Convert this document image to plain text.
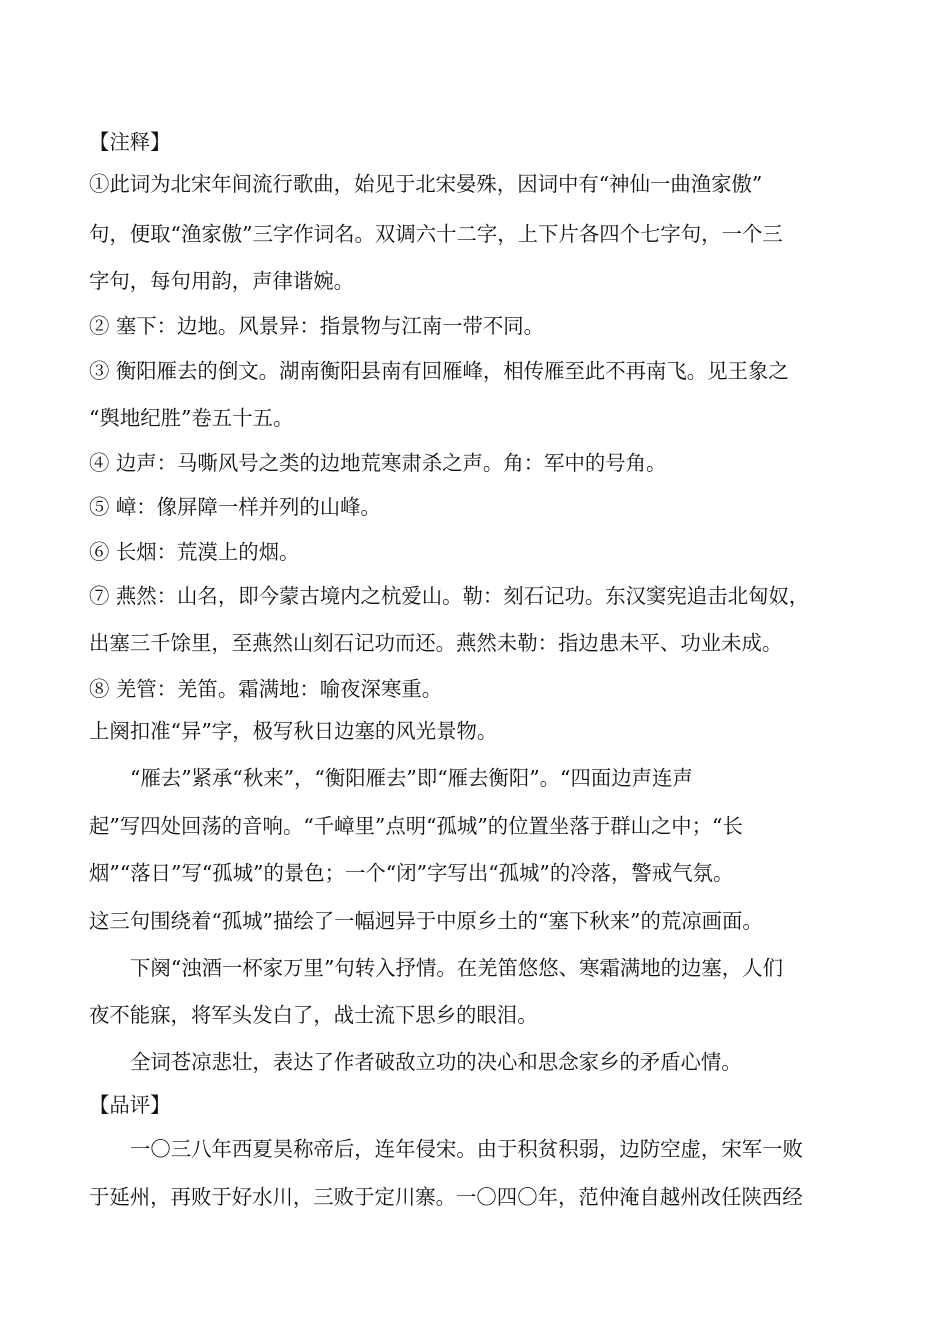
【注释】
①此词为北宋年间流行歌曲，始见于北宋晏殊，因词中有“神仙一曲渔家傲”
句，便取“渔家傲”三字作词名。双调六十二字，上下片各四个七字句，一个三
字句，每句用韵，声律谐婉。
② 塞下：边地。风景异：指景物与江南一带不同。
③ 衡阳雁去的倒文。湖南衡阳县南有回雁峰，相传雁至此不再南飞。见王象之
“舆地纪胜”卷五十五。
④ 边声：马嘶风号之类的边地荒寒肃杀之声。角：军中的号角。
⑤ 嶂：像屏障一样并列的山峰。
⑥ 长烟：荒漠上的烟。
⑦ 燕然：山名，即今蒙古境内之杭爱山。勒：刻石记功。东汉窦宪追击北匈奴，
出塞三千馀里，至燕然山刻石记功而还。燕然未勒：指边患未平、功业未成。
⑧ 羌管：羌笛。霜满地：喻夜深寒重。
上阕扣准“异”字，极写秋日边塞的风光景物。
“雁去”紧承“秋来”，“衡阳雁去”即“雁去衡阳”。“四面边声连声
起”写四处回荡的音响。“千嶂里”点明“孤城”的位置坐落于群山之中；“长
烟”“落日”写“孤城”的景色；一个“闭”字写出“孤城”的冷落，警戒气氛。
这三句围绕着“孤城”描绘了一幅迥异于中原乡土的“塞下秋来”的荒凉画面。
下阕“浊酒一杯家万里”句转入抒情。在羌笛悠悠、寒霜满地的边塞，人们
夜不能寐，将军头发白了，战士流下思乡的眼泪。
全词苍凉悲壮，表达了作者破敌立功的决心和思念家乡的矛盾心情。
【品评】
一〇三八年西夏昊称帝后，连年侵宋。由于积贫积弱，边防空虚，宋军一败
于延州，再败于好水川，三败于定川寨。一〇四〇年，范仲淹自越州改任陕西经
